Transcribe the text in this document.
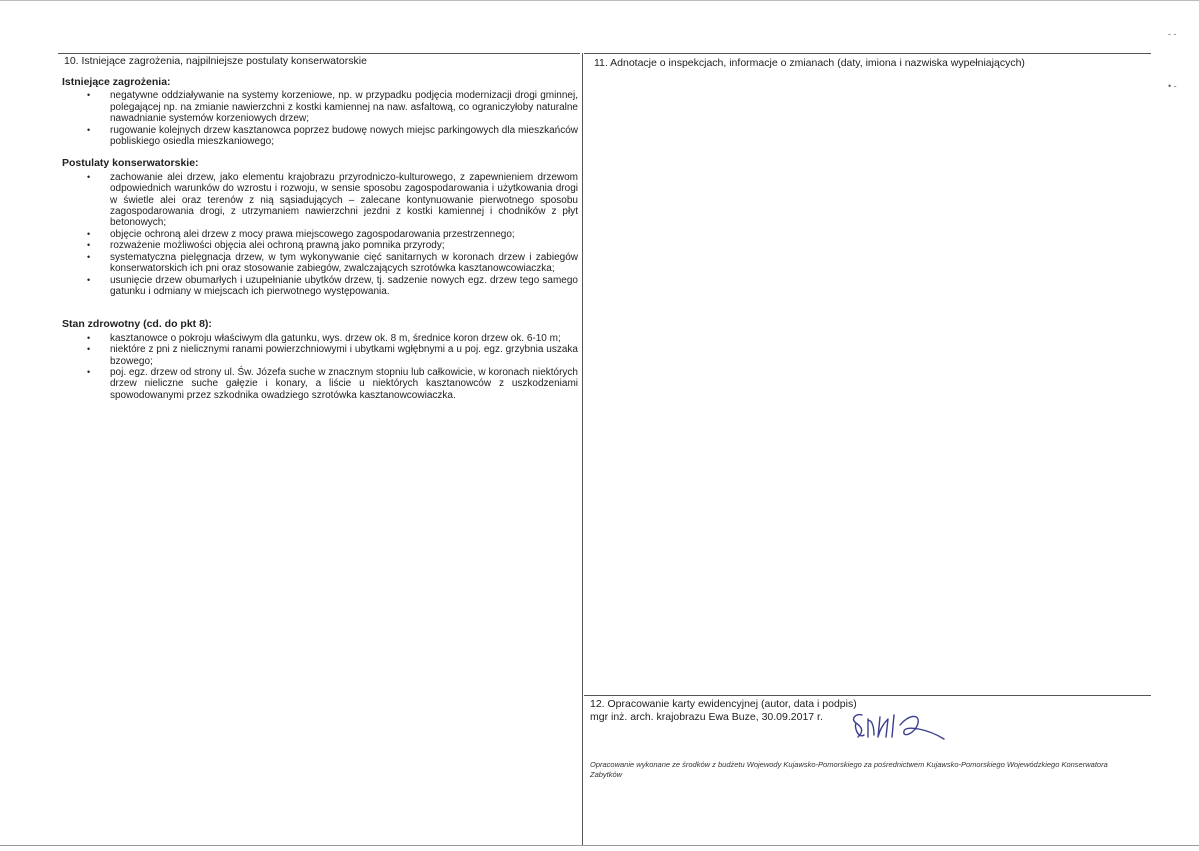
- -
• -
10. Istniejące zagrożenia, najpilniejsze postulaty konserwatorskie
Istniejące zagrożenia:
• negatywne oddziaływanie na systemy korzeniowe, np. w przypadku podjęcia modernizacji drogi gminnej, polegającej np. na zmianie nawierzchni z kostki kamiennej na naw. asfaltową, co ograniczyłoby naturalne nawadnianie systemów korzeniowych drzew;
• rugowanie kolejnych drzew kasztanowca poprzez budowę nowych miejsc parkingowych dla mieszkańców pobliskiego osiedla mieszkaniowego;
Postulaty konserwatorskie:
• zachowanie alei drzew, jako elementu krajobrazu przyrodniczo-kulturowego, z zapewnieniem drzewom odpowiednich warunków do wzrostu i rozwoju, w sensie sposobu zagospodarowania i użytkowania drogi w świetle alei oraz terenów z nią sąsiadujących – zalecane kontynuowanie pierwotnego sposobu zagospodarowania drogi, z utrzymaniem nawierzchni jezdni z kostki kamiennej i chodników z płyt betonowych;
• objęcie ochroną alei drzew z mocy prawa miejscowego zagospodarowania przestrzennego;
• rozważenie możliwości objęcia alei ochroną prawną jako pomnika przyrody;
• systematyczna pielęgnacja drzew, w tym wykonywanie cięć sanitarnych w koronach drzew i zabiegów konserwatorskich ich pni oraz stosowanie zabiegów, zwalczających szrotówka kasztanowcowiaczka;
• usunięcie drzew obumarłych i uzupełnianie ubytków drzew, tj. sadzenie nowych egz. drzew tego samego gatunku i odmiany w miejscach ich pierwotnego występowania.
Stan zdrowotny (cd. do pkt 8):
• kasztanowce o pokroju właściwym dla gatunku, wys. drzew ok. 8 m, średnice koron drzew ok. 6-10 m;
• niektóre z pni z nielicznymi ranami powierzchniowymi i ubytkami wgłębnymi a u poj. egz. grzybnia uszaka bzowego;
• poj. egz. drzew od strony ul. Św. Józefa suche w znacznym stopniu lub całkowicie, w koronach niektórych drzew nieliczne suche gałęzie i konary, a liście u niektórych kasztanowców z uszkodzeniami spowodowanymi przez szkodnika owadziego szrotówka kasztanowcowiaczka.
11. Adnotacje o inspekcjach, informacje o zmianach (daty, imiona i nazwiska wypełniających)
12. Opracowanie karty ewidencyjnej (autor, data i podpis)
mgr inż. arch. krajobrazu Ewa Buze, 30.09.2017 r.
Opracowanie wykonane ze środków z budżetu Wojewody Kujawsko-Pomorskiego za pośrednictwem Kujawsko-Pomorskiego Wojewódzkiego Konserwatora Zabytków
